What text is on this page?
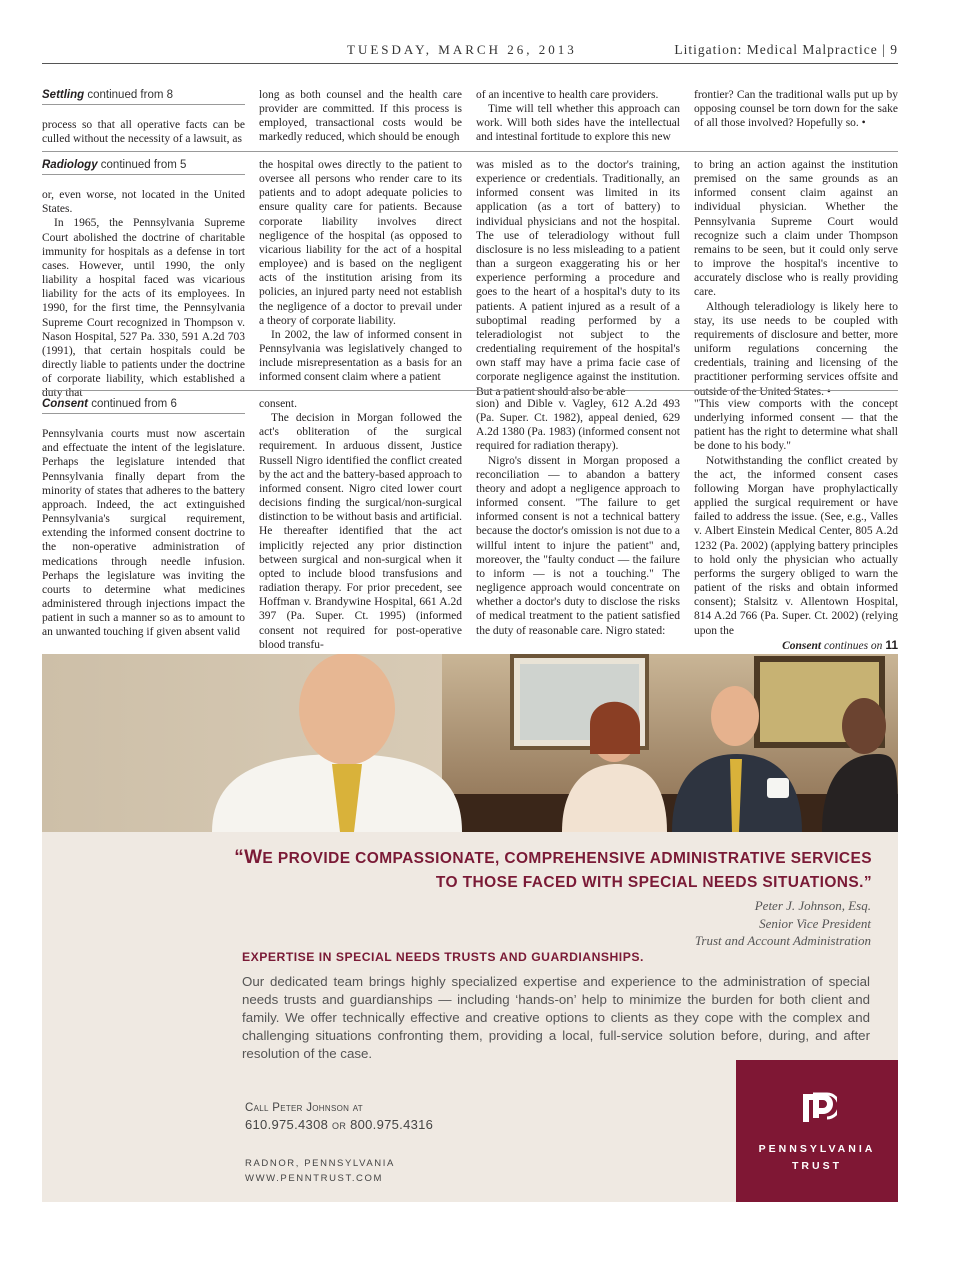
TUESDAY, MARCH 26, 2013	Litigation: Medical Malpractice | 9
Settling continued from 8

process so that all operative facts can be culled without the necessity of a lawsuit, as

long as both counsel and the health care provider are committed. If this process is employed, transactional costs would be markedly reduced, which should be enough

of an incentive to health care providers.

Time will tell whether this approach can work. Will both sides have the intellectual and intestinal fortitude to explore this new

frontier? Can the traditional walls put up by opposing counsel be torn down for the sake of all those involved? Hopefully so. •

Radiology continued from 5

or, even worse, not located in the United States.

In 1965, the Pennsylvania Supreme Court abolished the doctrine of charitable immunity for hospitals as a defense in tort cases. However, until 1990, the only liability a hospital faced was vicarious liability for the acts of its employees. In 1990, for the first time, the Pennsylvania Supreme Court recognized in Thompson v. Nason Hospital, 527 Pa. 330, 591 A.2d 703 (1991), that certain hospitals could be directly liable to patients under the doctrine of corporate liability, which established a duty that

the hospital owes directly to the patient to oversee all persons who render care to its patients and to adopt adequate policies to ensure quality care for patients. Because corporate liability involves direct negligence of the hospital (as opposed to vicarious liability for the act of a hospital employee) and is based on the negligent acts of the institution arising from its policies, an injured party need not establish the negligence of a doctor to prevail under a theory of corporate liability.

In 2002, the law of informed consent in Pennsylvania was legislatively changed to include misrepresentation as a basis for an informed consent claim where a patient

was misled as to the doctor's training, experience or credentials. Traditionally, an informed consent was limited in its application (as a tort of battery) to individual physicians and not the hospital. The use of teleradiology without full disclosure is no less misleading to a patient than a surgeon exaggerating his or her experience performing a procedure and goes to the heart of a hospital's duty to its patients. A patient injured as a result of a suboptimal reading performed by a teleradiologist not subject to the credentialing requirement of the hospital's own staff may have a prima facie case of corporate negligence against the institution. But a patient should also be able

to bring an action against the institution premised on the same grounds as an informed consent claim against an individual physician. Whether the Pennsylvania Supreme Court would recognize such a claim under Thompson remains to be seen, but it could only serve to improve the hospital's incentive to accurately disclose who is really providing care.

Although teleradiology is likely here to stay, its use needs to be coupled with requirements of disclosure and better, more uniform regulations concerning the credentials, training and licensing of the practitioner performing services offsite and outside of the United States. •

Consent continued from 6

Pennsylvania courts must now ascertain and effectuate the intent of the legislature. Perhaps the legislature intended that Pennsylvania finally depart from the minority of states that adheres to the battery approach. Indeed, the act extinguished Pennsylvania's surgical requirement, extending the informed consent doctrine to the non-operative administration of medications through needle infusion. Perhaps the legislature was inviting the courts to determine what medicines administered through injections impact the patient in such a manner so as to amount to an unwanted touching if given absent valid

consent.

The decision in Morgan followed the act's obliteration of the surgical requirement. In arduous dissent, Justice Russell Nigro identified the conflict created by the act and the battery-based approach to informed consent. Nigro cited lower court decisions finding the surgical/non-surgical distinction to be without basis and artificial. He thereafter identified that the act implicitly rejected any prior distinction between surgical and non-surgical when it opted to include blood transfusions and radiation therapy. For prior precedent, see Hoffman v. Brandywine Hospital, 661 A.2d 397 (Pa. Super. Ct. 1995) (informed consent not required for post-operative blood transfu-

sion) and Dible v. Vagley, 612 A.2d 493 (Pa. Super. Ct. 1982), appeal denied, 629 A.2d 1380 (Pa. 1983) (informed consent not required for radiation therapy).

Nigro's dissent in Morgan proposed a reconciliation — to abandon a battery theory and adopt a negligence approach to informed consent. "The failure to get informed consent is not a technical battery because the doctor's omission is not due to a willful intent to injure the patient" and, moreover, the "faulty conduct — the failure to inform — is not a touching." The negligence approach would concentrate on whether a doctor's duty to disclose the risks of medical treatment to the patient satisfied the duty of reasonable care. Nigro stated:

"This view comports with the concept underlying informed consent — that the patient has the right to determine what shall be done to his body."

Notwithstanding the conflict created by the act, the informed consent cases following Morgan have prophylactically applied the surgical requirement or have failed to address the issue. (See, e.g., Valles v. Albert Einstein Medical Center, 805 A.2d 1232 (Pa. 2002) (applying battery principles to hold only the physician who actually performs the surgery obliged to warn the patient of the risks and obtain informed consent); Stalsitz v. Allentown Hospital, 814 A.2d 766 (Pa. Super. Ct. 2002) (relying upon the

Consent continues on 11
“WE PROVIDE COMPASSIONATE, COMPREHENSIVE ADMINISTRATIVE SERVICES
TO THOSE FACED WITH SPECIAL NEEDS SITUATIONS.”
Peter J. Johnson, Esq.
Senior Vice President
Trust and Account Administration
EXPERTISE IN SPECIAL NEEDS TRUSTS AND GUARDIANSHIPS.
Our dedicated team brings highly specialized expertise and experience to the administration of special needs trusts and guardianships — including ‘hands-on’ help to minimize the burden for both client and family. We offer technically effective and creative options to clients as they cope with the complex and challenging situations confronting them, providing a local, full-service solution before, during, and after resolution of the case.
Call Peter Johnson at
610.975.4308 or 800.975.4316
RADNOR, PENNSYLVANIA
WWW.PENNTRUST.COM
PENNSYLVANIA
TRUST
